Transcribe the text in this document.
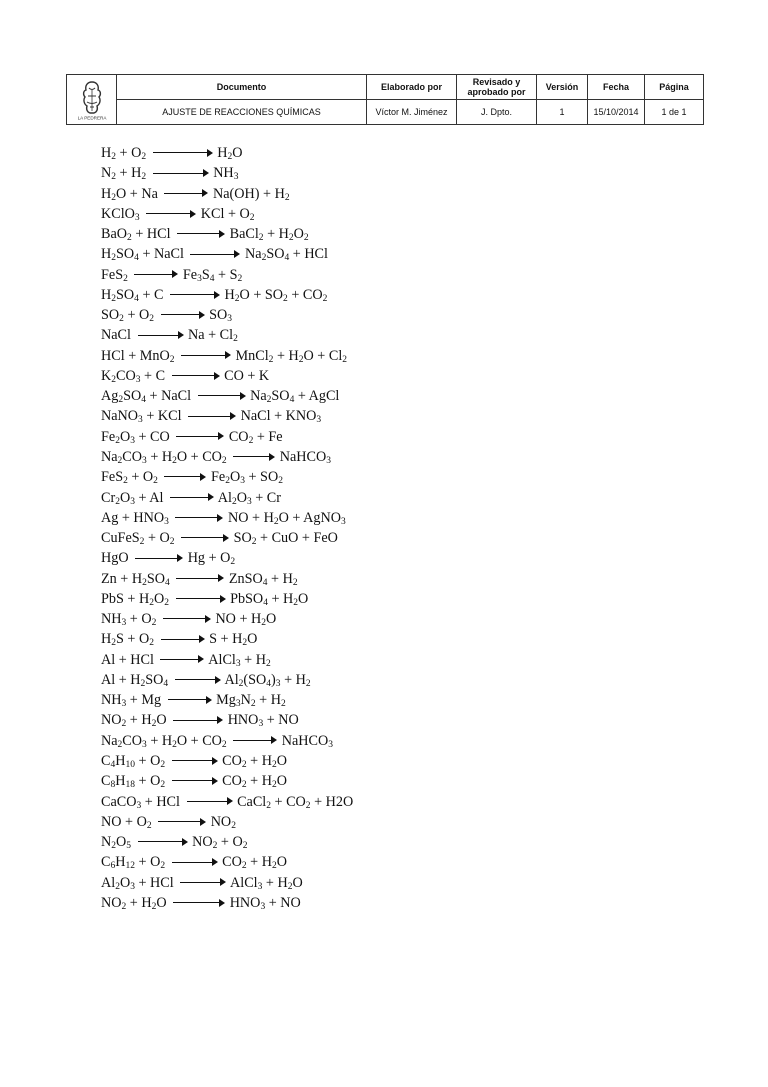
LA PEDRERA	Documento	Elaborado por	Revisado y aprobado por	Versión	Fecha	Página
	AJUSTE DE REACCIONES QUÍMICAS	Víctor M. Jiménez	J. Dpto.	1	15/10/2014	1 de 1
$H_2 + O_2$	$H_2O$
$N_2 + H_2$	$NH_3$
$H_2O + Na$	$Na(OH) + H_2$
KClO$_3$	KCl + $O_2$
BaO$_2$ + HCl	BaCl$_2$ + $H_2O_2$
$H_2SO_4$ + NaCl	$Na_2SO_4$ + HCl
FeS$_2$	$Fe_3S_4 + S_2$
$H_2SO_4 + C$	$H_2O + SO_2 + CO_2$
$SO_2 + O_2$	$SO_3$
NaCl	$Na + Cl_2$
HCl + MnO$_2$	MnCl$_2$ + $H_2O + Cl_2$
$K_2CO_3 + C$	CO + K
$Ag_2SO_4$ + NaCl	$Na_2SO_4$ + AgCl
NaNO$_3$ + KCl	NaCl + $KNO_3$
$Fe_2O_3$ + CO	$CO_2 + Fe$
$Na_2CO_3 + H_2O + CO_2$	NaHCO$_3$
$FeS_2 + O_2$	$Fe_2O_3 + SO_2$
$Cr_2O_3 + Al$	$Al_2O_3 + Cr$
$Ag + HNO_3$	NO + $H_2O$ + AgNO$_3$
CuFeS$_2$ + $O_2$	$SO_2$ + CuO + FeO
HgO	$Hg + O_2$
$Zn + H_2SO_4$	ZnSO$_4$ + $H_2$
PbS + $H_2O_2$	PbSO$_4$ + $H_2O$
$NH_3 + O_2$	NO + $H_2O$
$H_2S + O_2$	$S + H_2O$
Al + HCl	AlCl$_3$ + $H_2$
$Al + H_2SO_4$	$Al_2(SO_4)_3 + H_2$
$NH_3 + Mg$	$Mg_3N_2 + H_2$
$NO_2 + H_2O$	$HNO_3$ + NO
$Na_2CO_3 + H_2O + CO_2$	NaHCO$_3$
$C_4H_{10} + O_2$	$CO_2 + H_2O$
$C_8H_{18} + O_2$	$CO_2 + H_2O$
CaCO$_3$ + HCl	CaCl$_2$ + $CO_2 + H2O$
NO + $O_2$	$NO_2$
$N_2O_5$	$NO_2 + O_2$
$C_6H_{12} + O_2$	$CO_2 + H_2O$
$Al_2O_3$ + HCl	AlCl$_3$ + $H_2O$
$NO_2 + H_2O$	$HNO_3$ + NO
